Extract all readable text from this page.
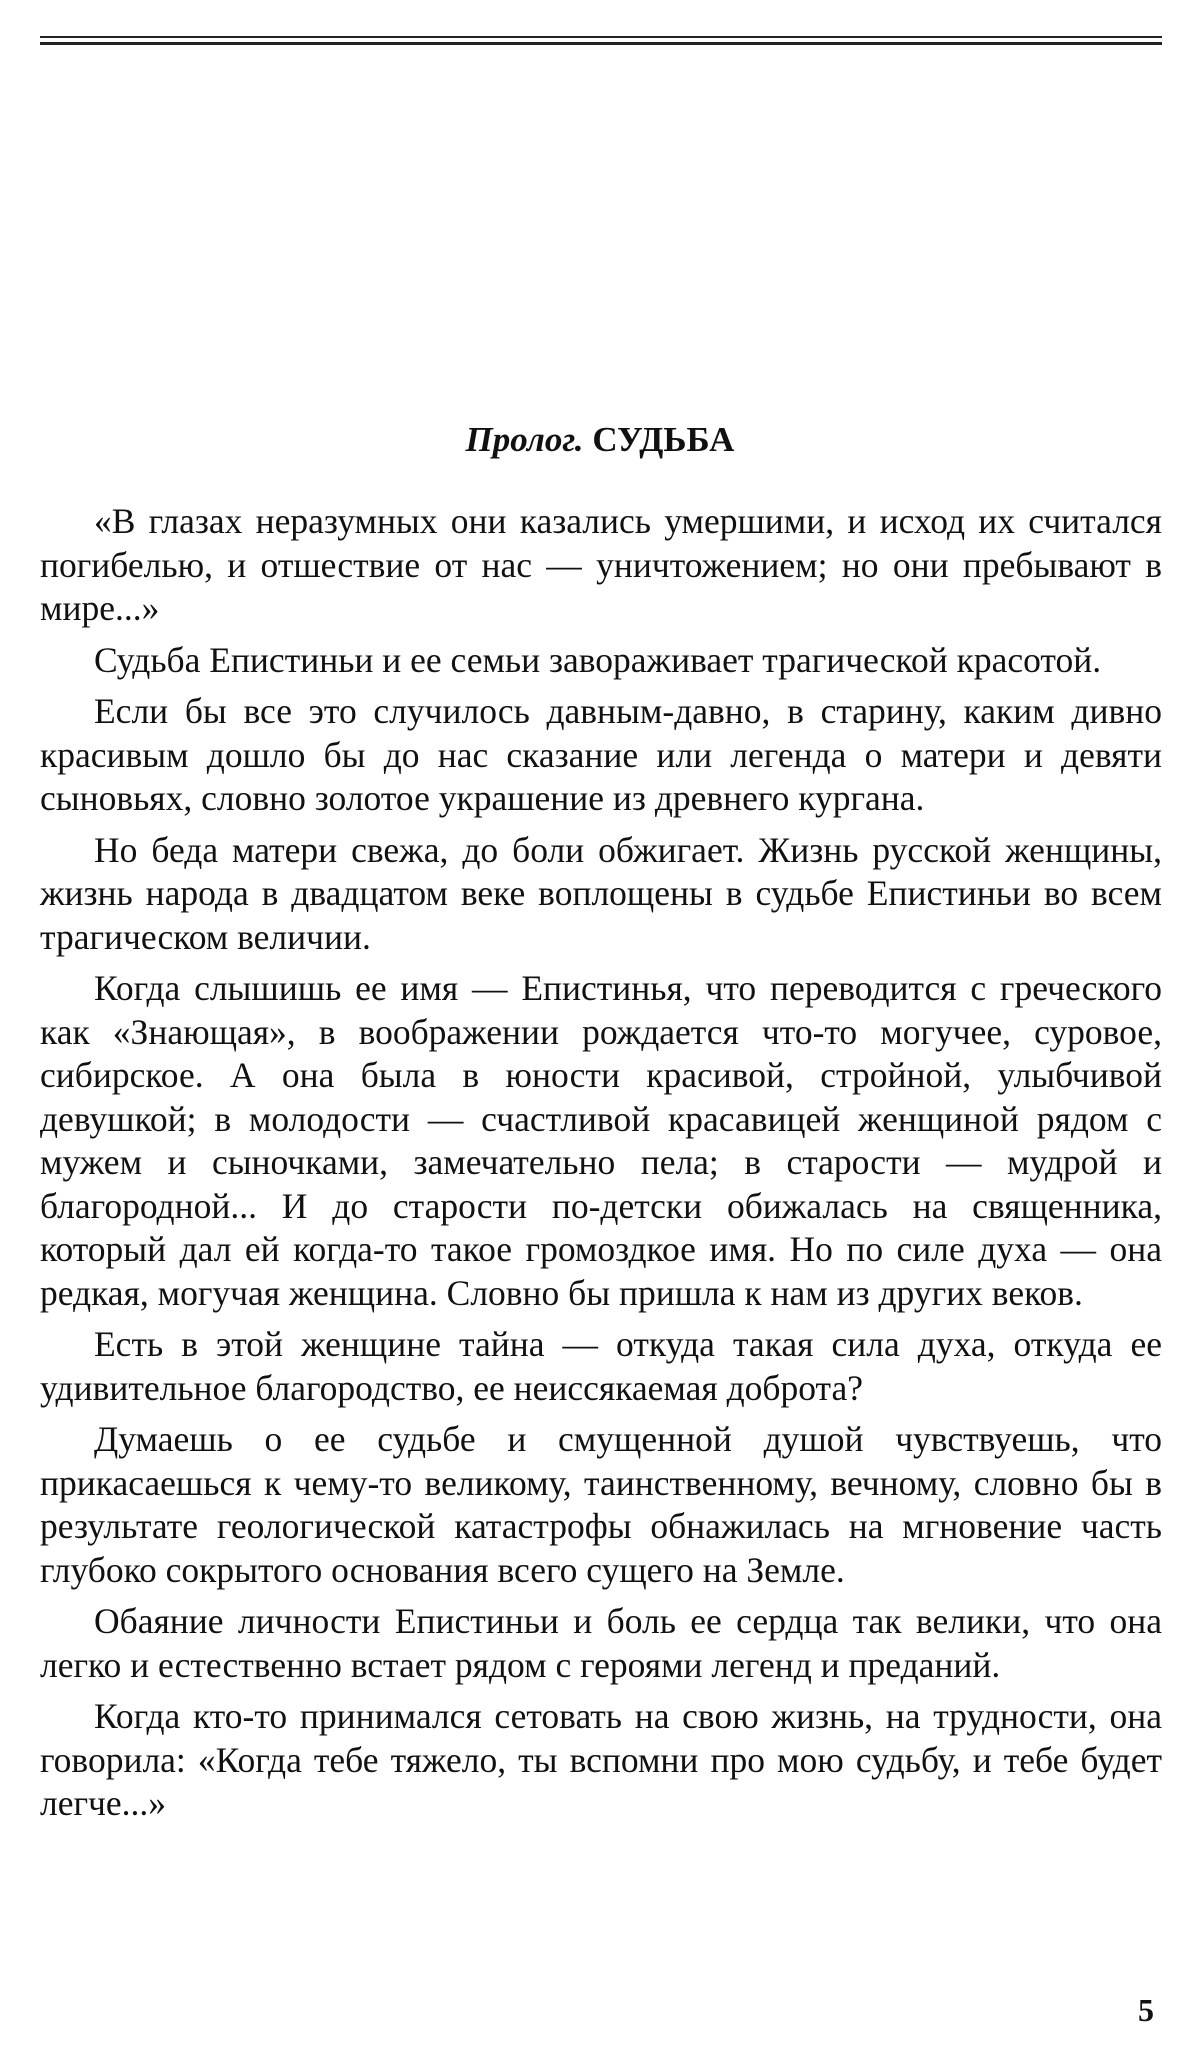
Пролог. СУДЬБА

«В глазах неразумных они казались умершими, и исход их считался погибелью, и отшествие от нас — уничтожением; но они пребывают в мире...»

Судьба Епистиньи и ее семьи завораживает трагической красотой.

Если бы все это случилось давным-давно, в старину, каким дивно красивым дошло бы до нас сказание или легенда о матери и девяти сыновьях, словно золотое украшение из древнего кургана.

Но беда матери свежа, до боли обжигает. Жизнь русской женщины, жизнь народа в двадцатом веке воплощены в судьбе Епистиньи во всем трагическом величии.

Когда слышишь ее имя — Епистинья, что переводится с греческого как «Знающая», в воображении рождается что-то могучее, суровое, сибирское. А она была в юности красивой, стройной, улыбчивой девушкой; в молодости — счастливой красавицей женщиной рядом с мужем и сыночками, замечательно пела; в старости — мудрой и благородной... И до старости по-детски обижалась на священника, который дал ей когда-то такое громоздкое имя. Но по силе духа — она редкая, могучая женщина. Словно бы пришла к нам из других веков.

Есть в этой женщине тайна — откуда такая сила духа, откуда ее удивительное благородство, ее неиссякаемая доброта?

Думаешь о ее судьбе и смущенной душой чувствуешь, что прикасаешься к чему-то великому, таинственному, вечному, словно бы в результате геологической катастрофы обнажилась на мгновение часть глубоко сокрытого основания всего сущего на Земле.

Обаяние личности Епистиньи и боль ее сердца так велики, что она легко и естественно встает рядом с героями легенд и преданий.

Когда кто-то принимался сетовать на свою жизнь, на трудности, она говорила: «Когда тебе тяжело, ты вспомни про мою судьбу, и тебе будет легче...»

5
